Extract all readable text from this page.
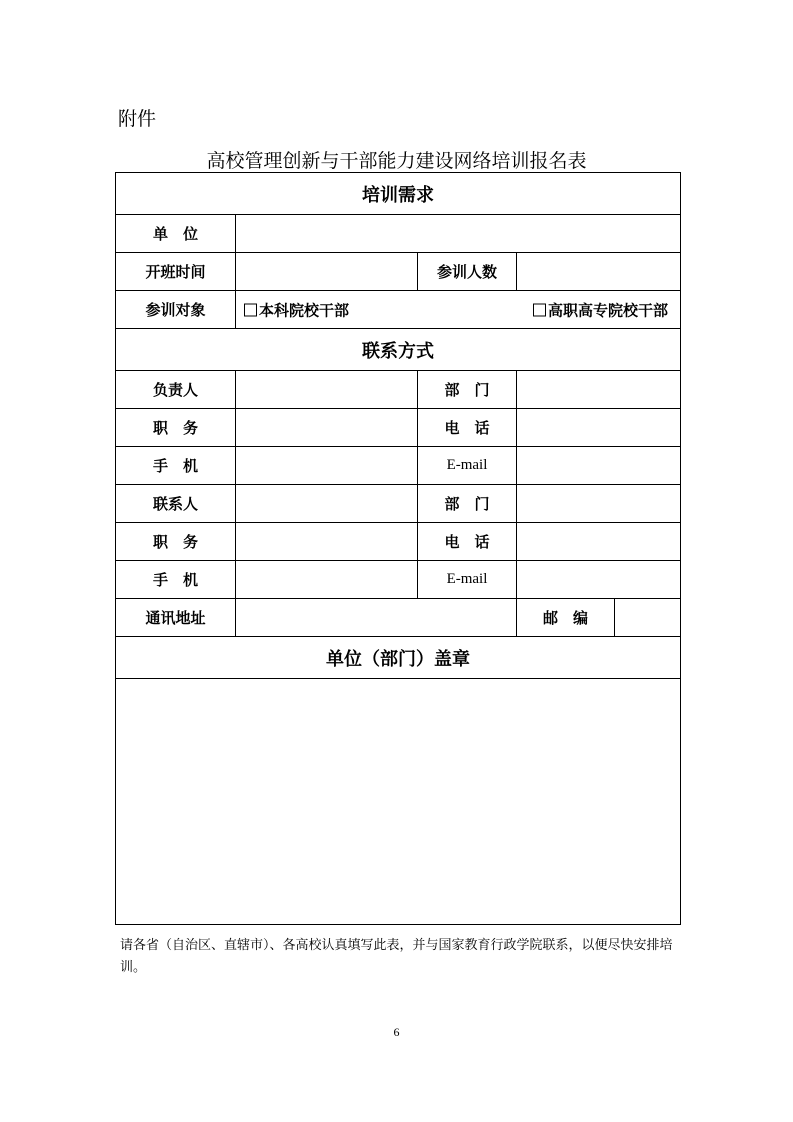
附件
高校管理创新与干部能力建设网络培训报名表
培训需求				
单　位				
开班时间		参训人数		
参训对象	本科院校干部 高职高专院校干部			

联系方式				
负责人		部　门		
职　务		电　话		
手　机		E-mail		
联系人		部　门		
职　务		电　话		
手　机		E-mail		
通讯地址			邮　编	
单位（部门）盖章				

请各省（自治区、直辖市）、各高校认真填写此表，并与国家教育行政学院联系，以便尽快安排培训。
6
